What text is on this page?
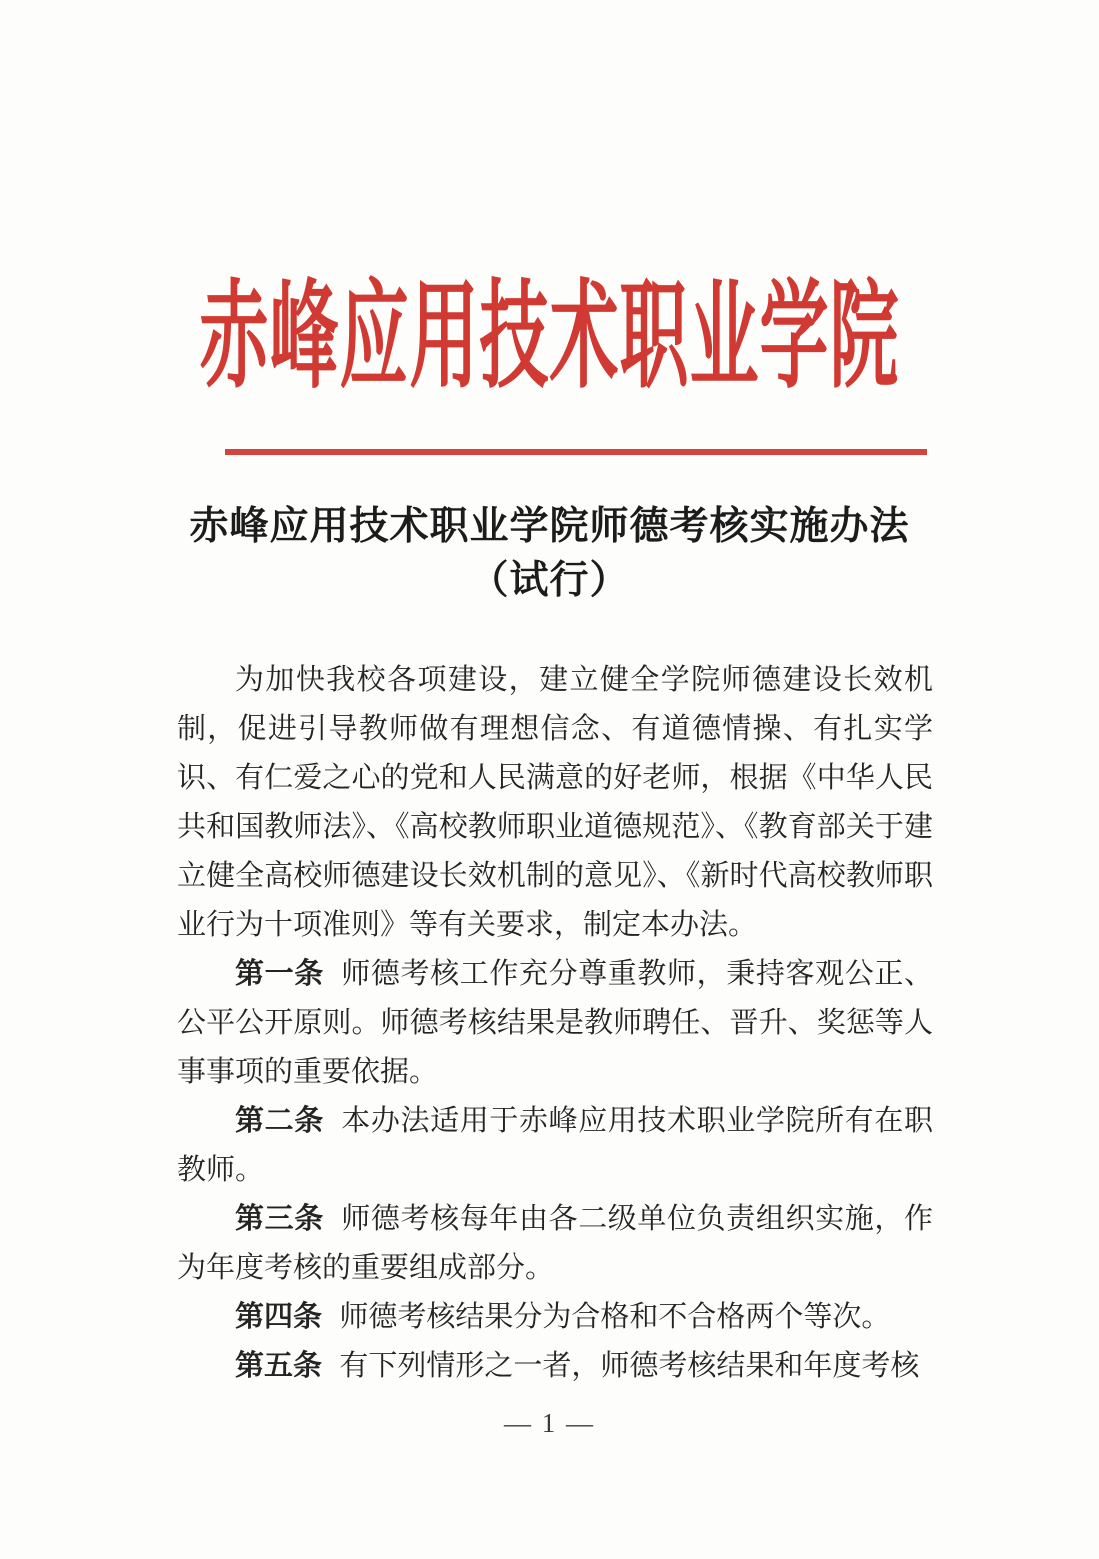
赤峰应用技术职业学院
赤峰应用技术职业学院师德考核实施办法
（试行）

为加快我校各项建设，建立健全学院师德建设长效机制，促进引导教师做有理想信念、有道德情操、有扎实学识、有仁爱之心的党和人民满意的好老师，根据《中华人民共和国教师法》、《高校教师职业道德规范》、《教育部关于建立健全高校师德建设长效机制的意见》、《新时代高校教师职业行为十项准则》等有关要求，制定本办法。

第一条 师德考核工作充分尊重教师，秉持客观公正、公平公开原则。师德考核结果是教师聘任、晋升、奖惩等人事事项的重要依据。

第二条 本办法适用于赤峰应用技术职业学院所有在职教师。

第三条 师德考核每年由各二级单位负责组织实施，作为年度考核的重要组成部分。

第四条 师德考核结果分为合格和不合格两个等次。

第五条 有下列情形之一者，师德考核结果和年度考核

— 1 —
